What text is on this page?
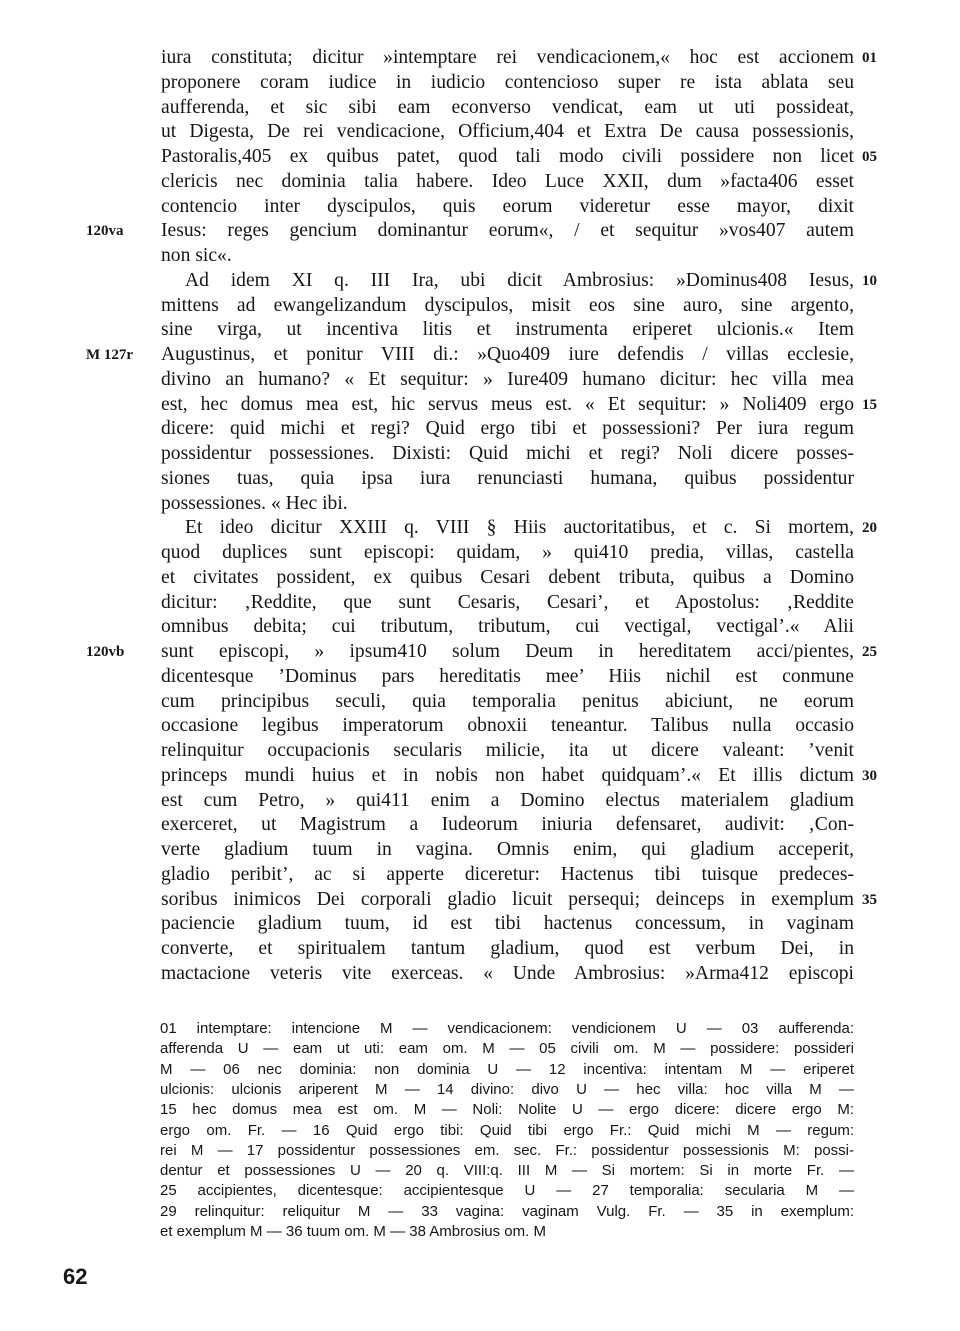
iura constituta; dicitur »intemptare rei vendicacionem,« hoc est accionem 01
proponere coram iudice in iudicio contencioso super re ista ablata seu
aufferenda, et sic sibi eam econverso vendicat, eam ut uti possideat,
ut Digesta, De rei vendicacione, Officium,404 et Extra De causa possessionis,
Pastoralis,405 ex quibus patet, quod tali modo civili possidere non licet 05
clericis nec dominia talia habere. Ideo Luce XXII, dum »facta406 esset
contencio inter dyscipulos, quis eorum videretur esse mayor, dixit
Iesus: reges gencium dominantur eorum«, / et sequitur »vos407 autem
120va
non sic«.
Ad idem XI q. III Ira, ubi dicit Ambrosius: »Dominus408 Iesus, 10
mittens ad ewangelizandum dyscipulos, misit eos sine auro, sine argento,
sine virga, ut incentiva litis et instrumenta eriperet ulcionis.« Item
Augustinus, et ponitur VIII di.: »Quo409 iure defendis / villas ecclesie,
M 127r
divino an humano? « Et sequitur: » Iure409 humano dicitur: hec villa mea
est, hec domus mea est, hic servus meus est. « Et sequitur: » Noli409 ergo 15
dicere: quid michi et regi? Quid ergo tibi et possessioni? Per iura regum
possidentur possessiones. Dixisti: Quid michi et regi? Noli dicere posses-
siones tuas, quia ipsa iura renunciasti humana, quibus possidentur
possessiones. « Hec ibi.
Et ideo dicitur XXIII q. VIII § Hiis auctoritatibus, et c. Si mortem, 20
quod duplices sunt episcopi: quidam, » qui410 predia, villas, castella
et civitates possident, ex quibus Cesari debent tributa, quibus a Domino
dicitur: ‚Reddite, que sunt Cesaris, Cesari’, et Apostolus: ‚Reddite
omnibus debita; cui tributum, tributum, cui vectigal, vectigal’.« Alii
sunt episcopi, » ipsum410 solum Deum in hereditatem acci/pientes, 25
120vb
dicentesque ’Dominus pars hereditatis mee’ Hiis nichil est conmune
cum principibus seculi, quia temporalia penitus abiciunt, ne eorum
occasione legibus imperatorum obnoxii teneantur. Talibus nulla occasio
relinquitur occupacionis secularis milicie, ita ut dicere valeant: ’venit
princeps mundi huius et in nobis non habet quidquam’.« Et illis dictum 30
est cum Petro, » qui411 enim a Domino electus materialem gladium
exerceret, ut Magistrum a Iudeorum iniuria defensaret, audivit: ‚Con-
verte gladium tuum in vagina. Omnis enim, qui gladium acceperit,
gladio peribit’, ac si apperte diceretur: Hactenus tibi tuisque predeces-
soribus inimicos Dei corporali gladio licuit persequi; deinceps in exemplum 35
paciencie gladium tuum, id est tibi hactenus concessum, in vaginam
converte, et spiritualem tantum gladium, quod est verbum Dei, in
mactacione veteris vite exerceas. « Unde Ambrosius: »Arma412 episcopi
01 intemptare: intencione M — vendicacionem: vendicionem U — 03 aufferenda:
afferenda U — eam ut uti: eam om. M — 05 civili om. M — possidere: possideri
M — 06 nec dominia: non dominia U — 12 incentiva: intentam M — eriperet
ulcionis: ulcionis ariperent M — 14 divino: divo U — hec villa: hoc villa M —
15 hec domus mea est om. M — Noli: Nolite U — ergo dicere: dicere ergo M:
ergo om. Fr. — 16 Quid ergo tibi: Quid tibi ergo Fr.: Quid michi M — regum:
rei M — 17 possidentur possessiones em. sec. Fr.: possidentur possessionis M: possi-
dentur et possessiones U — 20 q. VIII:q. III M — Si mortem: Si in morte Fr. —
25 accipientes, dicentesque: accipientesque U — 27 temporalia: secularia M —
29 relinquitur: reliquitur M — 33 vagina: vaginam Vulg. Fr. — 35 in exemplum:
et exemplum M — 36 tuum om. M — 38 Ambrosius om. M
62
